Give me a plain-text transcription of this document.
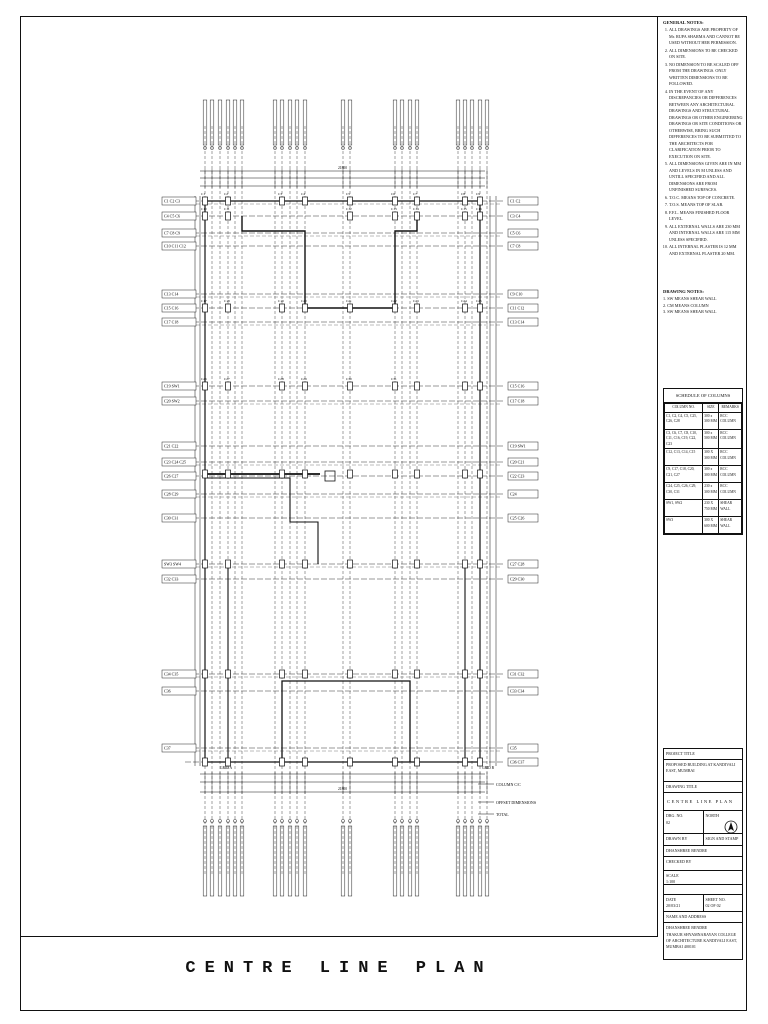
21800
21800
C1 C2 C3
C4 C5 C6
C7 C8 C9
C10 C11 C12
C13 C14
C15 C16
C17 C18
C19 SW1
C20 SW2
C21 C22
C23 C24 C25
C26 C27
C28 C29
C30 C31
SW3 SW4
C32 C33
C34 C35
C36
C37
C1 C2
C3 C4
C5 C6
C7 C8
C9 C10
C11 C12
C13 C14
C15 C16
C17 C18
C19 SW1
C20 C21
C22 C23
C24
C25 C26
C27 C28
C29 C30
C31 C32
C33 C34
C35
C36 C37
C1	C2	C3	C4	C5	C6	C7	C8	C9
C10	C11	C12	C13	C14	C15	C16
C17	C18	C19	C20	C21	C22	C23	C24	C25
C26	C27	C28	C29	C30	C31
COLUMN C/C
OFFSET DIMENSIONS
TOTAL
GRID A	GRID B
CENTRE LINE PLAN
GENERAL NOTES:
1. ALL DRAWINGS ARE PROPERTY OF Mr. RUPA SHARMA AND CANNOT BE USED WITHOUT HER PERMISSION.
2. ALL DIMENSIONS TO BE CHECKED ON SITE.
3. NO DIMENSION TO BE SCALED OFF FROM THE DRAWINGS. ONLY WRITTEN DIMENSIONS TO BE FOLLOWED.
4. IN THE EVENT OF ANY DISCREPANCIES OR DIFFERENCES BETWEEN ANY ARCHITECTURAL DRAWINGS AND STRUCTURAL DRAWINGS OR OTHER ENGINEERING DRAWINGS OR SITE CONDITIONS OR OTHERWISE, BRING SUCH DIFFERENCES TO BE SUBMITTED TO THE ARCHITECTS FOR CLARIFICATION PRIOR TO EXECUTION ON SITE.
5. ALL DIMENSIONS GIVEN ARE IN MM AND LEVELS IN M UNLESS AND UNTILL SPECIFIED AND ALL DIMENSIONS ARE FROM UNFINISHED SURFACES.
6. T.O.C. MEANS TOP OF CONCRETE.
7. T.O.S. MEANS TOP OF SLAB.
8. F.F.L. MEANS FINISHED FLOOR LEVEL.
9. ALL EXTERNAL WALLS ARE 230 MM AND INTERNAL WALLS ARE 115 MM UNLESS SPECIFIED.
10. ALL INTERNAL PLASTER IS 12 MM AND EXTERNAL PLASTER 20 MM.
DRAWING NOTES:
1. SW MEANS SHEAR WALL
2. CM MEANS COLUMN
3. SW MEANS SHEAR WALL
SCHEDULE OF COLUMNS
COLUMN NO.	SIZE	REMARKS
C1, C2, C4, C5, C25, C26, C28	300 x 300 MM	RCC COLUMN
C3, C6, C7, C8, C10, C11, C16, C19, C22, C23	300 x 500 MM	RCC COLUMN
C12, C13, C14, C15	300 X 300 MM	RCC COLUMN
C9, C17, C18, C20, C21, C27	300 x 300 MM	RCC COLUMN
C24, C25, C26, C29, C30, C31	230 x 300 MM	RCC COLUMN
SW1, SW2	230 X 750 MM	SHEAR WALL
SW3	300 X 600 MM	SHEAR WALL
PROJECT TITLE
PROPOSED BUILDING AT KANDIVALI EAST, MUMBAI
DRAWING TITLE
CENTRE LINE PLAN
DRG. NO.
02
NORTH
DRAWN BY	SIGN AND STAMP
DHANSHREE BENDRE
CHECKED BY
SCALE
1:100
DATE
20/03/21
SHEET NO.
02 OF 02
NAME AND ADDRESS
DHANSHREE BENDRE
THAKUR SHYAMNARAYAN COLLEGE OF ARCHITECTURE KANDIVALI EAST, MUMBAI 400101
